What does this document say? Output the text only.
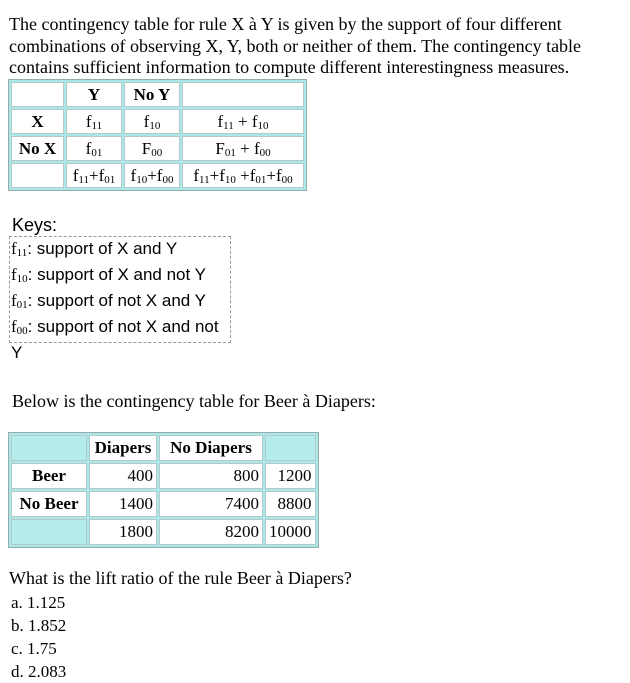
The contingency table for rule X à Y is given by the support of four different combinations of observing X, Y, both or neither of them. The contingency table contains sufficient information to compute different interestingness measures.
	Y	No Y	
X	$f_{11}$	$f_{10}$	$f_{11} + f_{10}$
No X	$f_{01}$	$F_{00}$	$F_{01} + f_{00}$
	$f_{11}+f_{01}$	$f_{10}+f_{00}$	$f_{11}+f_{10} +f_{01}+f_{00}$
Keys:
$f_{11}$: support of X and Y
$f_{10}$: support of X and not Y
$f_{01}$: support of not X and Y
$f_{00}$: support of not X and not Y
Below is the contingency table for Beer à Diapers:
	Diapers	No Diapers	
Beer	400	800	1200
No Beer	1400	7400	8800
	1800	8200	10000
What is the lift ratio of the rule Beer à Diapers?
a. 1.125
b. 1.852
c. 1.75
d. 2.083
